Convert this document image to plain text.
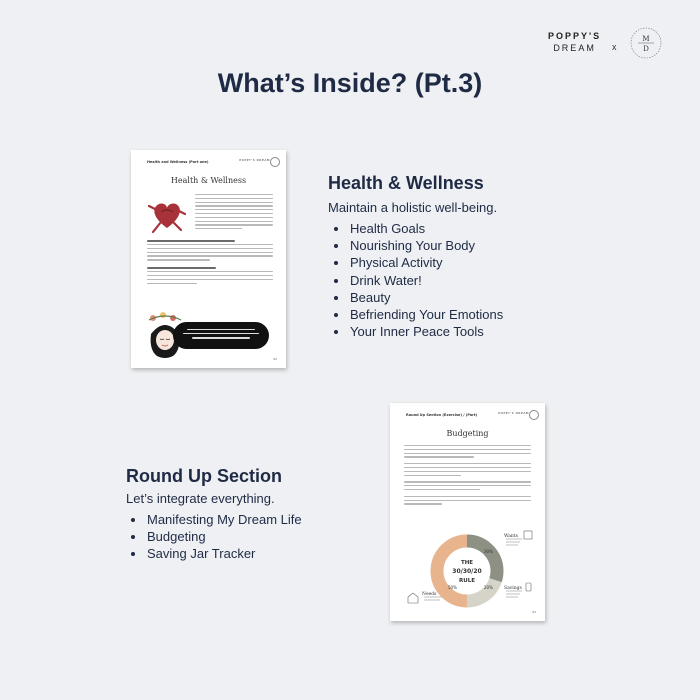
POPPY'S
DREAM	x
M
D
What’s Inside? (Pt.3)
Health and Wellness (Part one)	POPPY'S DREAM
Health & Wellness
92
Round Up Section (Exercise) / (Part)	POPPY'S DREAM
Budgeting
THE
30/30/20
RULE
30%
50%	20%
Wants
Savings
Needs
93
Health & Wellness
Maintain a holistic well-being.
Health Goals
Nourishing Your Body
Physical Activity
Drink Water!
Beauty
Befriending Your Emotions
Your Inner Peace Tools
Round Up Section
Let’s integrate everything.
Manifesting My Dream Life
Budgeting
Saving Jar Tracker
